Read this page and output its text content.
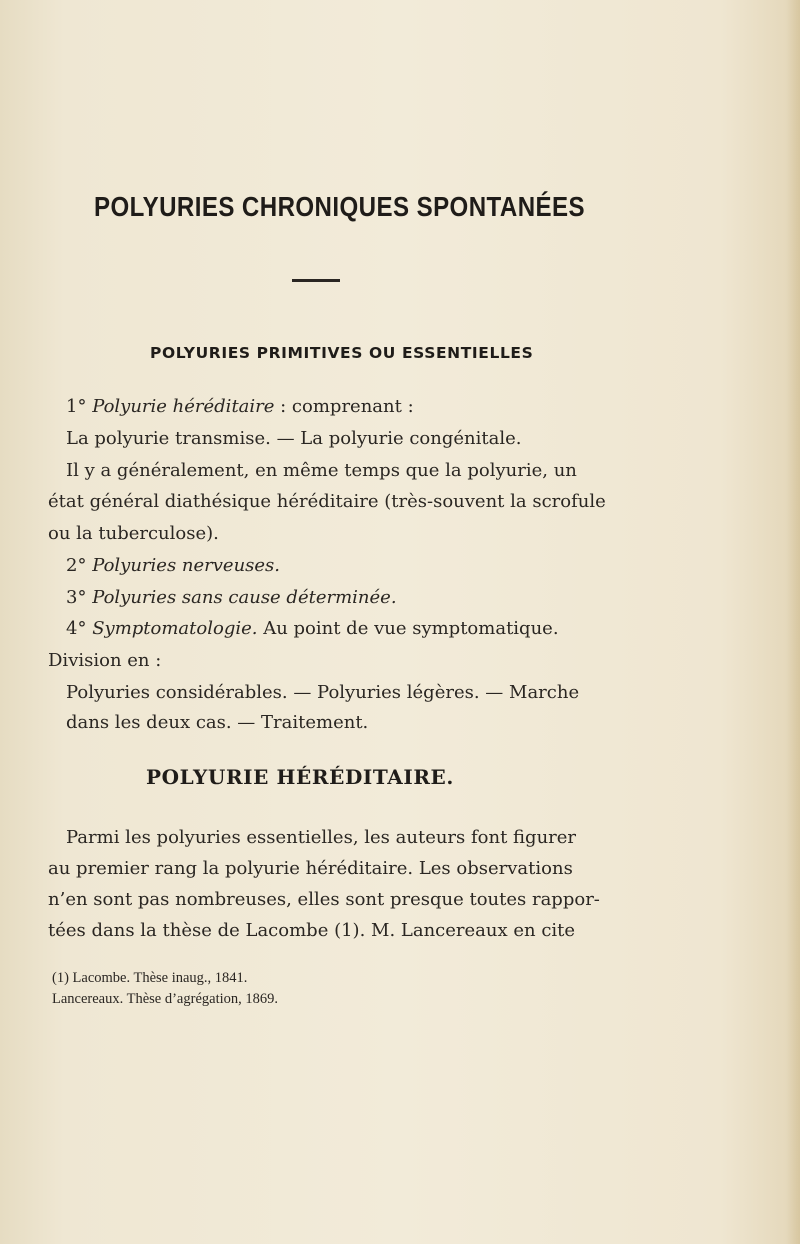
POLYURIES CHRONIQUES SPONTANÉES
POLYURIES PRIMITIVES OU ESSENTIELLES

1° Polyurie héréditaire : comprenant :

La polyurie transmise. — La polyurie congénitale.

Il y a généralement, en même temps que la polyurie, un

état général diathésique héréditaire (très-souvent la scrofule

ou la tuberculose).

2° Polyuries nerveuses.

3° Polyuries sans cause déterminée.

4° Symptomatologie. Au point de vue symptomatique.

Division en :

Polyuries considérables. — Polyuries légères. — Marche

dans les deux cas. — Traitement.

POLYURIE HÉRÉDITAIRE.

Parmi les polyuries essentielles, les auteurs font figurer

au premier rang la polyurie héréditaire. Les observations

n’en sont pas nombreuses, elles sont presque toutes rappor-

tées dans la thèse de Lacombe (1). M. Lancereaux en cite

(1) Lacombe. Thèse inaug., 1841.

Lancereaux. Thèse d’agrégation, 1869.
